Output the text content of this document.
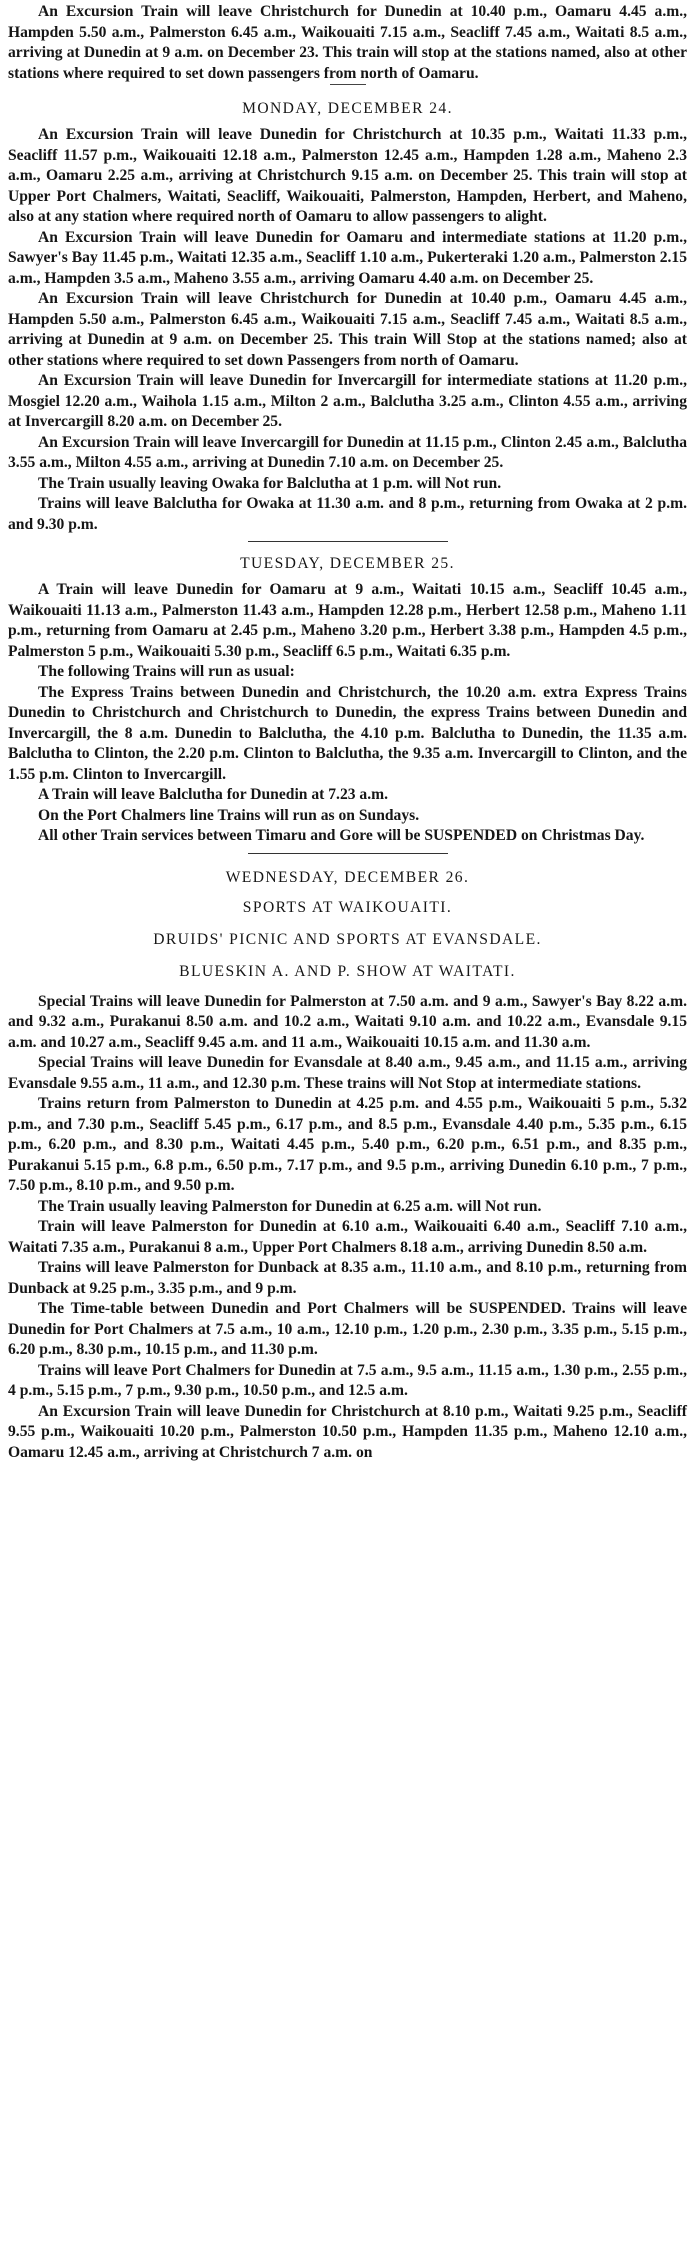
An Excursion Train will leave Christchurch for Dunedin at 10.40 p.m., Oamaru 4.45 a.m., Hampden 5.50 a.m., Palmerston 6.45 a.m., Waikouaiti 7.15 a.m., Seacliff 7.45 a.m., Waitati 8.5 a.m., arriving at Dunedin at 9 a.m. on December 23. This train will stop at the stations named, also at other stations where required to set down passengers from north of Oamaru.

MONDAY, DECEMBER 24.

An Excursion Train will leave Dunedin for Christchurch at 10.35 p.m., Waitati 11.33 p.m., Seacliff 11.57 p.m., Waikouaiti 12.18 a.m., Palmerston 12.45 a.m., Hampden 1.28 a.m., Maheno 2.3 a.m., Oamaru 2.25 a.m., arriving at Christchurch 9.15 a.m. on December 25. This train will stop at Upper Port Chalmers, Waitati, Seacliff, Waikouaiti, Palmerston, Hampden, Herbert, and Maheno, also at any station where required north of Oamaru to allow passengers to alight.

An Excursion Train will leave Dunedin for Oamaru and intermediate stations at 11.20 p.m., Sawyer's Bay 11.45 p.m., Waitati 12.35 a.m., Seacliff 1.10 a.m., Pukerteraki 1.20 a.m., Palmerston 2.15 a.m., Hampden 3.5 a.m., Maheno 3.55 a.m., arriving Oamaru 4.40 a.m. on December 25.

An Excursion Train will leave Christchurch for Dunedin at 10.40 p.m., Oamaru 4.45 a.m., Hampden 5.50 a.m., Palmerston 6.45 a.m., Waikouaiti 7.15 a.m., Seacliff 7.45 a.m., Waitati 8.5 a.m., arriving at Dunedin at 9 a.m. on December 25. This train Will Stop at the stations named; also at other stations where required to set down Passengers from north of Oamaru.

An Excursion Train will leave Dunedin for Invercargill for intermediate stations at 11.20 p.m., Mosgiel 12.20 a.m., Waihola 1.15 a.m., Milton 2 a.m., Balclutha 3.25 a.m., Clinton 4.55 a.m., arriving at Invercargill 8.20 a.m. on December 25.

An Excursion Train will leave Invercargill for Dunedin at 11.15 p.m., Clinton 2.45 a.m., Balclutha 3.55 a.m., Milton 4.55 a.m., arriving at Dunedin 7.10 a.m. on December 25.

The Train usually leaving Owaka for Balclutha at 1 p.m. will Not run.

Trains will leave Balclutha for Owaka at 11.30 a.m. and 8 p.m., returning from Owaka at 2 p.m. and 9.30 p.m.

TUESDAY, DECEMBER 25.

A Train will leave Dunedin for Oamaru at 9 a.m., Waitati 10.15 a.m., Seacliff 10.45 a.m., Waikouaiti 11.13 a.m., Palmerston 11.43 a.m., Hampden 12.28 p.m., Herbert 12.58 p.m., Maheno 1.11 p.m., returning from Oamaru at 2.45 p.m., Maheno 3.20 p.m., Herbert 3.38 p.m., Hampden 4.5 p.m., Palmerston 5 p.m., Waikouaiti 5.30 p.m., Seacliff 6.5 p.m., Waitati 6.35 p.m.

The following Trains will run as usual:

The Express Trains between Dunedin and Christchurch, the 10.20 a.m. extra Express Trains Dunedin to Christchurch and Christchurch to Dunedin, the express Trains between Dunedin and Invercargill, the 8 a.m. Dunedin to Balclutha, the 4.10 p.m. Balclutha to Dunedin, the 11.35 a.m. Balclutha to Clinton, the 2.20 p.m. Clinton to Balclutha, the 9.35 a.m. Invercargill to Clinton, and the 1.55 p.m. Clinton to Invercargill.

A Train will leave Balclutha for Dunedin at 7.23 a.m.

On the Port Chalmers line Trains will run as on Sundays.

All other Train services between Timaru and Gore will be SUSPENDED on Christmas Day.

WEDNESDAY, DECEMBER 26.
SPORTS AT WAIKOUAITI.
DRUIDS' PICNIC AND SPORTS AT EVANSDALE.
BLUESKIN A. AND P. SHOW AT WAITATI.

Special Trains will leave Dunedin for Palmerston at 7.50 a.m. and 9 a.m., Sawyer's Bay 8.22 a.m. and 9.32 a.m., Purakanui 8.50 a.m. and 10.2 a.m., Waitati 9.10 a.m. and 10.22 a.m., Evansdale 9.15 a.m. and 10.27 a.m., Seacliff 9.45 a.m. and 11 a.m., Waikouaiti 10.15 a.m. and 11.30 a.m.

Special Trains will leave Dunedin for Evansdale at 8.40 a.m., 9.45 a.m., and 11.15 a.m., arriving Evansdale 9.55 a.m., 11 a.m., and 12.30 p.m. These trains will Not Stop at intermediate stations.

Trains return from Palmerston to Dunedin at 4.25 p.m. and 4.55 p.m., Waikouaiti 5 p.m., 5.32 p.m., and 7.30 p.m., Seacliff 5.45 p.m., 6.17 p.m., and 8.5 p.m., Evansdale 4.40 p.m., 5.35 p.m., 6.15 p.m., 6.20 p.m., and 8.30 p.m., Waitati 4.45 p.m., 5.40 p.m., 6.20 p.m., 6.51 p.m., and 8.35 p.m., Purakanui 5.15 p.m., 6.8 p.m., 6.50 p.m., 7.17 p.m., and 9.5 p.m., arriving Dunedin 6.10 p.m., 7 p.m., 7.50 p.m., 8.10 p.m., and 9.50 p.m.

The Train usually leaving Palmerston for Dunedin at 6.25 a.m. will Not run.

Train will leave Palmerston for Dunedin at 6.10 a.m., Waikouaiti 6.40 a.m., Seacliff 7.10 a.m., Waitati 7.35 a.m., Purakanui 8 a.m., Upper Port Chalmers 8.18 a.m., arriving Dunedin 8.50 a.m.

Trains will leave Palmerston for Dunback at 8.35 a.m., 11.10 a.m., and 8.10 p.m., returning from Dunback at 9.25 p.m., 3.35 p.m., and 9 p.m.

The Time-table between Dunedin and Port Chalmers will be SUSPENDED. Trains will leave Dunedin for Port Chalmers at 7.5 a.m., 10 a.m., 12.10 p.m., 1.20 p.m., 2.30 p.m., 3.35 p.m., 5.15 p.m., 6.20 p.m., 8.30 p.m., 10.15 p.m., and 11.30 p.m.

Trains will leave Port Chalmers for Dunedin at 7.5 a.m., 9.5 a.m., 11.15 a.m., 1.30 p.m., 2.55 p.m., 4 p.m., 5.15 p.m., 7 p.m., 9.30 p.m., 10.50 p.m., and 12.5 a.m.

An Excursion Train will leave Dunedin for Christchurch at 8.10 p.m., Waitati 9.25 p.m., Seacliff 9.55 p.m., Waikouaiti 10.20 p.m., Palmerston 10.50 p.m., Hampden 11.35 p.m., Maheno 12.10 a.m., Oamaru 12.45 a.m., arriving at Christchurch 7 a.m. on
